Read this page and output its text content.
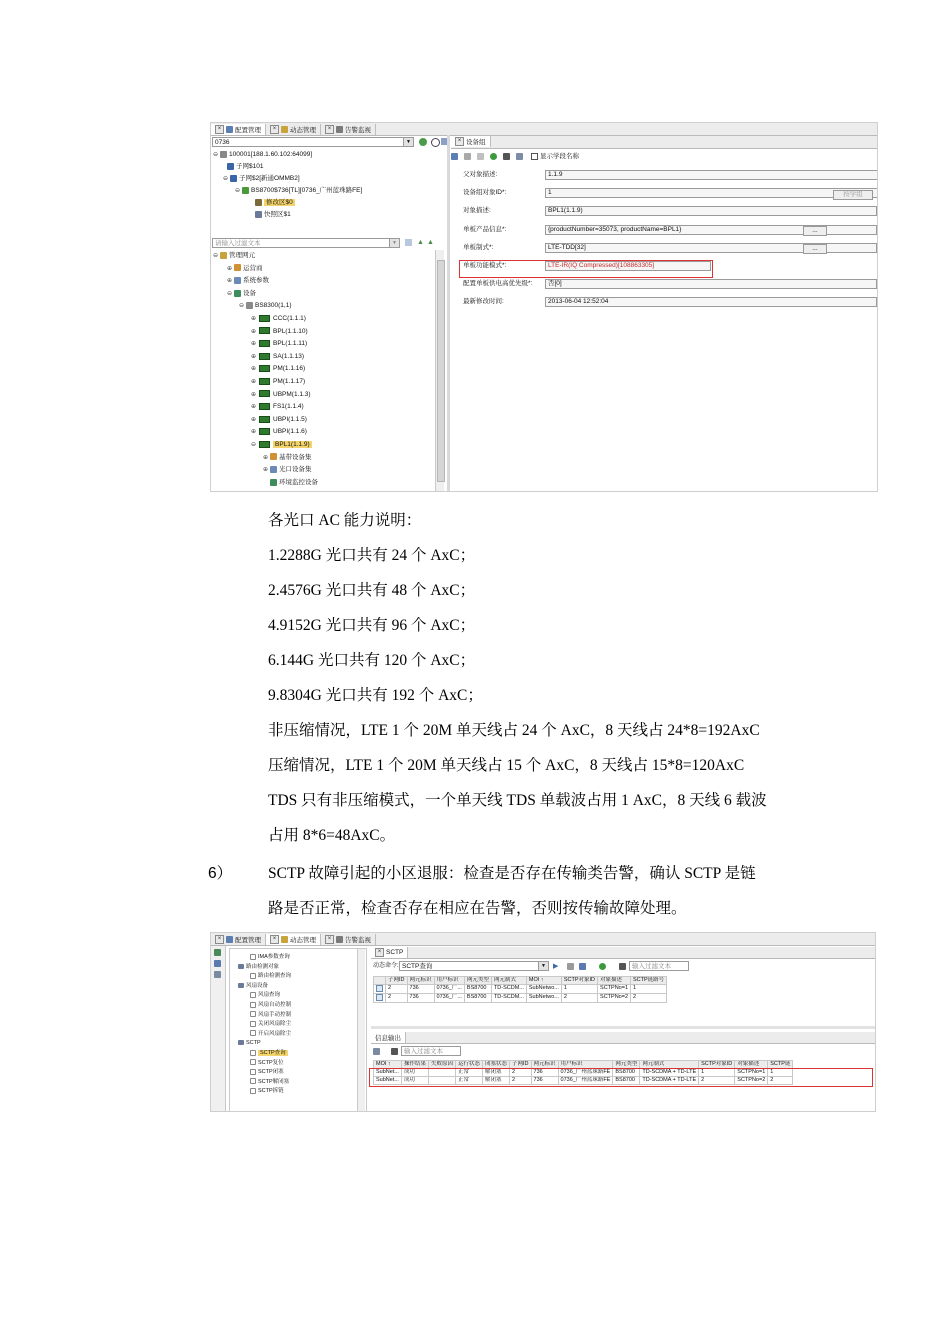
×	配置管理	×	动态管理	×	告警监视
0736	▼
⊖ 100001[188.1.60.102:64099]
子网$101
⊖ 子网$2[新通OMMB2]
⊖ BS8700$736[TL][0736_广州蓝珠路FE]
修改区$0
快照区$1
请输入过滤文本	▼	▲ ▲
⊖ 管理网元
⊕ 运营商
⊕ 系统参数
⊖ 设备
⊖ BS8300(1,1)
⊕	CCC(1.1.1)
⊕	BPL(1.1.10)
⊕	BPL(1.1.11)
⊕	SA(1.1.13)
⊕	PM(1.1.16)
⊕	PM(1.1.17)
⊕	UBPM(1.1.3)
⊕	FS1(1.1.4)
⊕	UBPI(1.1.5)
⊕	UBPI(1.1.6)
⊖	BPL1(1.1.9)
⊕ 基带设备集
⊕ 光口设备集
环境监控设备
× 设备组
显示学段名称
父对象描述:	1.1.9
设备组对象ID*:	1
对象描述:	BPL1(1.1.9)
单板产品信息*:	{productNumber=35073, productName=BPL1}
单板制式*:	LTE-TDD[32]
单板功能模式*:	LTE-IR(IQ Compressed)[108863305]
配置单板供电高优先级*:	否[0]
最新修改时间:	2013-06-04 12:52:04
按学组
...
...
各光口 AC 能力说明：
1.2288G 光口共有 24 个 AxC；
2.4576G 光口共有 48 个 AxC；
4.9152G 光口共有 96 个 AxC；
6.144G 光口共有 120 个 AxC；
9.8304G 光口共有 192 个 AxC；
非压缩情况，LTE 1 个 20M 单天线占 24 个 AxC，8 天线占 24*8=192AxC
压缩情况，LTE 1 个 20M 单天线占 15 个 AxC，8 天线占 15*8=120AxC
TDS 只有非压缩模式，一个单天线 TDS 单载波占用 1 AxC，8 天线 6 载波
占用 8*6=48AxC。
6） SCTP 故障引起的小区退服：检查是否存在传输类告警，确认 SCTP 是链
路是否正常，检查否存在相应在告警，否则按传输故障处理。
×	配置管理	×	动态管理	×	告警监视
IMA参数查询
路由检测对象
路由检测查询
风扇设备
风扇查询
风扇自动控制
风扇手动控制
关闭风扇除尘
开启风扇除尘
SCTP
SCTP查询
SCTP复位
SCTP闭塞
SCTP解闭塞
SCTP拆链
× SCTP
动态命令: SCTP查询	▼ ▶	输入过滤文本
	子网ID	网元标识	用户标识	网元类型	网元制式	MOI ↑	SCTP对象ID	对象描述	SCTP链路号
	2	736	0736_广...	BS8700	TD-SCDM...	SubNetwo...	1	SCTPNo=1	1
	2	736	0736_广...	BS8700	TD-SCDM...	SubNetwo...	2	SCTPNo=2	2
信息输出
输入过滤文本
MOI ↑	操作结果	失败原因	运行状态	闭塞状态	子网ID	网元标识	用户标识	网元类型	网元制式	SCTP对象ID	对象描述	SCTP链
SubNet...	成功		正常	解闭塞	2	736	0736_广州蓝珠路FE	BS8700	TD-SCDMA + TD-LTE	1	SCTPNo=1	1
SubNet...	成功		正常	解闭塞	2	736	0736_广州蓝珠路FE	BS8700	TD-SCDMA + TD-LTE	2	SCTPNo=2	2
